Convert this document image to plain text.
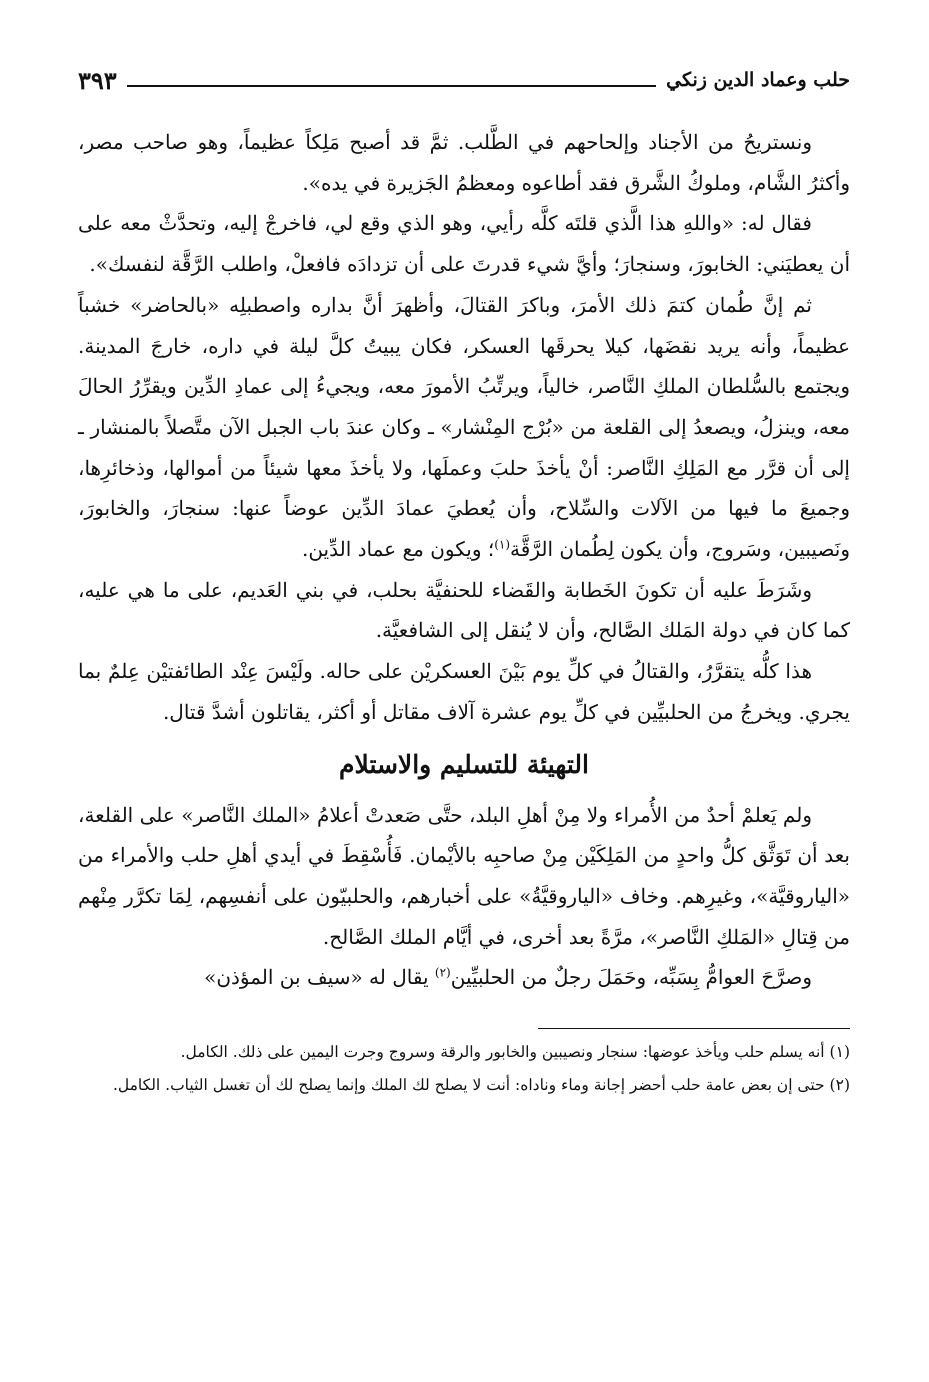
حلب وعماد الدين زنكي
٣٩٣

ونستريحُ من الأجناد وإلحاحهم في الطَّلب. ثمَّ قد أصبح مَلِكاً عظيماً، وهو صاحب مصر، وأكثرُ الشَّام، وملوكُ الشَّرق فقد أطاعوه ومعظمُ الجَزيرة في يده».

فقال له: «واللهِ هذا الَّذي قلتَه كلَّه رأيي، وهو الذي وقع لي، فاخرجْ إليه، وتحدَّثْ معه على أن يعطيَني: الخابورَ، وسنجارَ؛ وأيَّ شيء قدرتَ على أن تزدادَه فافعلْ، واطلب الرَّقَّة لنفسك».

ثم إنَّ طُمان كتمَ ذلك الأمرَ، وباكرَ القتالَ، وأظهرَ أنَّ بداره واصطبلِه «بالحاضر» خشباً عظيماً، وأنه يريد نقضَها، كيلا يحرقَها العسكر، فكان يبيتُ كلَّ ليلة في داره، خارجَ المدينة. ويجتمع بالسُّلطان الملكِ النَّاصر، خالياً، ويرتِّبُ الأمورَ معه، ويجيءُ إلى عمادِ الدِّين ويقرِّرُ الحالَ معه، وينزلُ، ويصعدُ إلى القلعة من «بُرْج المِنْشار» ـ وكان عندَ باب الجبل الآن متَّصلاً بالمنشار ـ إلى أن قرَّر مع المَلِكِ النَّاصر: أنْ يأخذَ حلبَ وعملَها، ولا يأخذَ معها شيئاً من أموالها، وذخائرِها، وجميعَ ما فيها من الآلات والسِّلاح، وأن يُعطيَ عمادَ الدِّين عوضاً عنها: سنجارَ، والخابورَ، ونَصيبين، وسَروج، وأن يكون لِطُمان الرَّقَّة$^{(١)}$؛ ويكون مع عماد الدِّين.

وشَرَطَ عليه أن تكونَ الخَطابة والقَضاء للحنفيَّة بحلب، في بني العَديم، على ما هي عليه، كما كان في دولة المَلك الصَّالح، وأن لا يُنقل إلى الشافعيَّة.

هذا كلُّه يتقرَّرُ، والقتالُ في كلِّ يوم بَيْنَ العسكريْن على حاله. ولَيْسَ عِنْد الطائفتيْن عِلمٌ بما يجري. ويخرجُ من الحلبيِّين في كلِّ يوم عشرة آلاف مقاتل أو أكثر، يقاتلون أشدَّ قتال.

التهيئة للتسليم والاستلام

ولم يَعلمْ أحدٌ من الأُمراء ولا مِنْ أهلِ البلد، حتَّى صَعدتْ أعلامُ «الملك النَّاصر» على القلعة، بعد أن تَوَثَّق كلُّ واحدٍ من المَلِكَيْن مِنْ صاحبِه بالأيْمان. فَأُسْقِطَ في أيدي أهلِ حلب والأمراء من «الياروقيَّة»، وغيرِهم. وخاف «الياروقيَّةُ» على أخبارهم، والحلبيّون على أنفسِهم، لِمَا تكرَّر مِنْهم من قِتالِ «المَلكِ النَّاصر»، مرَّةً بعد أخرى، في أيَّام الملك الصَّالح.

وصرَّحَ العوامُّ بِسَبِّه، وحَمَلَ رجلٌ من الحلبيِّين$^{(٢)}$ يقال له «سيف بن المؤذن»

(١) أنه يسلم حلب ويأخذ عوضها: سنجار ونصيبين والخابور والرقة وسروج وجرت اليمين على ذلك. الكامل.

(٢) حتى إن بعض عامة حلب أحضر إجانة وماء وناداه: أنت لا يصلح لك الملك وإنما يصلح لك أن تغسل الثياب. الكامل.
